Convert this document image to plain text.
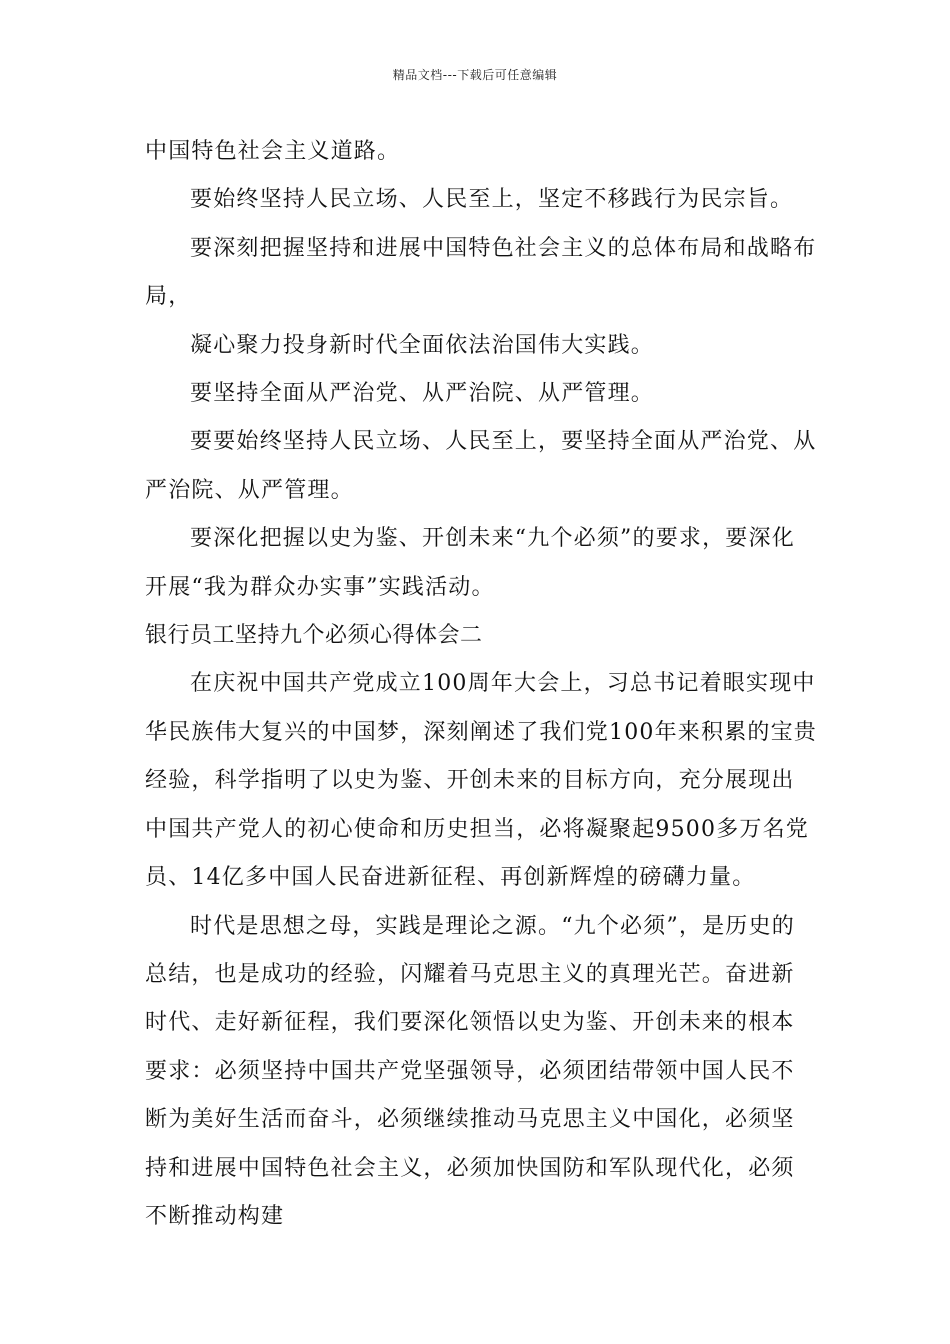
精品文档---下载后可任意编辑

中国特色社会主义道路。

要始终坚持人民立场、人民至上，坚定不移践行为民宗旨。

要深刻把握坚持和进展中国特色社会主义的总体布局和战略布局，

凝心聚力投身新时代全面依法治国伟大实践。

要坚持全面从严治党、从严治院、从严管理。

要要始终坚持人民立场、人民至上，要坚持全面从严治党、从严治院、从严管理。

要深化把握以史为鉴、开创未来“九个必须”的要求，要深化开展“我为群众办实事”实践活动。

银行员工坚持九个必须心得体会二

在庆祝中国共产党成立100周年大会上，习总书记着眼实现中华民族伟大复兴的中国梦，深刻阐述了我们党100年来积累的宝贵经验，科学指明了以史为鉴、开创未来的目标方向，充分展现出中国共产党人的初心使命和历史担当，必将凝聚起9500多万名党员、14亿多中国人民奋进新征程、再创新辉煌的磅礴力量。

时代是思想之母，实践是理论之源。“九个必须”，是历史的总结，也是成功的经验，闪耀着马克思主义的真理光芒。奋进新时代、走好新征程，我们要深化领悟以史为鉴、开创未来的根本要求：必须坚持中国共产党坚强领导，必须团结带领中国人民不断为美好生活而奋斗，必须继续推动马克思主义中国化，必须坚持和进展中国特色社会主义，必须加快国防和军队现代化，必须不断推动构建
